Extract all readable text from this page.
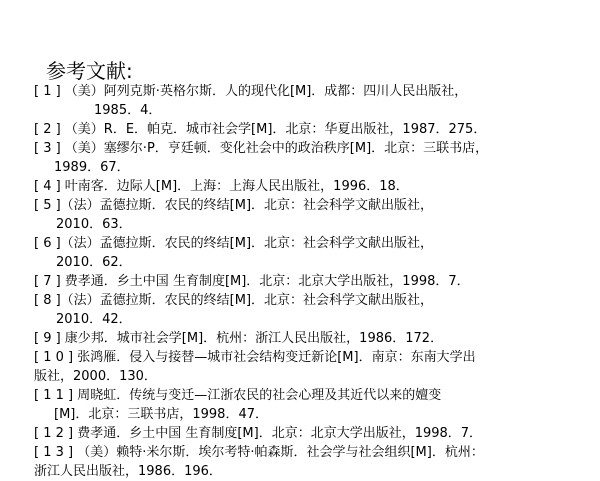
参考文献:
[ 1 ] （美）阿列克斯·英格尔斯．人的现代化[M]．成都：四川人民出版社，
1985．4．
[ 2 ] （美）R．E．帕克．城市社会学[M]．北京：华夏出版社，1987．275．
[ 3 ] （美）塞缪尔·P．亨廷顿．变化社会中的政治秩序[M]．北京：三联书店，
1989．67．
[ 4 ] 叶南客．边际人[M]．上海：上海人民出版社，1996．18．
[ 5 ]（法）孟德拉斯．农民的终结[M]．北京：社会科学文献出版社，
2010．63．
[ 6 ]（法）孟德拉斯．农民的终结[M]．北京：社会科学文献出版社，
2010．62．
[ 7 ] 费孝通．乡土中国 生育制度[M]．北京：北京大学出版社，1998．7．
[ 8 ]（法）孟德拉斯．农民的终结[M]．北京：社会科学文献出版社，
2010．42．
[ 9 ] 康少邦．城市社会学[M]．杭州：浙江人民出版社，1986．172．
[ 1 0 ] 张鸿雁．侵入与接替—城市社会结构变迁新论[M]．南京：东南大学出
版社，2000．130．
[ 1 1 ] 周晓虹．传统与变迁—江浙农民的社会心理及其近代以来的嬗变
[M]．北京：三联书店，1998．47．
[ 1 2 ] 费孝通．乡土中国 生育制度[M]．北京：北京大学出版社，1998．7．
[ 1 3 ] （美）赖特·米尔斯．埃尔考特·帕森斯．社会学与社会组织[M]．杭州：
浙江人民出版社，1986．196．
